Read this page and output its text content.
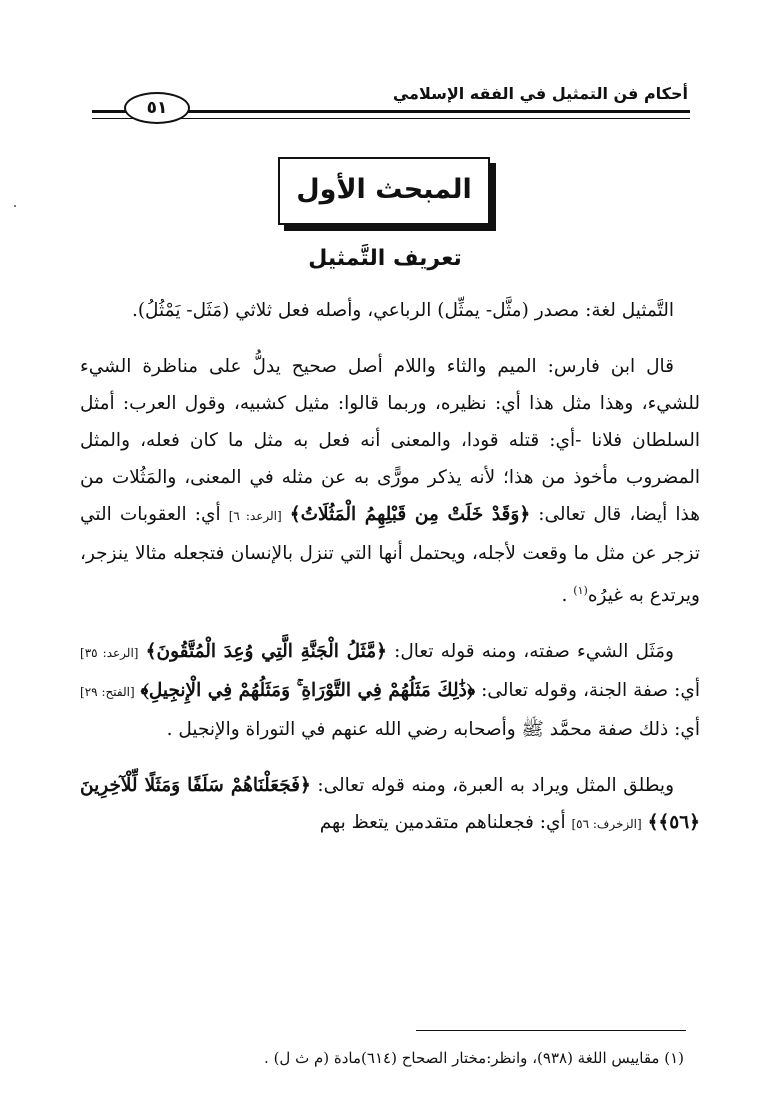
أحكام فن التمثيل في الفقه الإسلامي
٥١
المبحث الأول
تعريف التَّمثيل

التَّمثيل لغة: مصدر (مثَّل- يمثِّل) الرباعي، وأصله فعل ثلاثي (مَثَل- يَمْثُلُ).

قال ابن فارس: الميم والثاء واللام أصل صحيح يدلُّ على مناظرة الشيء للشيء، وهذا مثل هذا أي: نظيره، وربما قالوا: مثيل كشبيه، وقول العرب: أمثل السلطان فلانا -أي: قتله قودا، والمعنى أنه فعل به مثل ما كان فعله، والمثل المضروب مأخوذ من هذا؛ لأنه يذكر مورًّى به عن مثله في المعنى، والمَثُلات من هذا أيضا، قال تعالى: ﴿وَقَدْ خَلَتْ مِن قَبْلِهِمُ الْمَثُلَاتُ﴾ [الرعد: ٦] أي: العقوبات التي تزجر عن مثل ما وقعت لأجله، ويحتمل أنها التي تنزل بالإنسان فتجعله مثالا ينزجر، ويرتدع به غيرُه$^{(١)}$ .

ومَثَل الشيء صفته، ومنه قوله تعال: ﴿مَّثَلُ الْجَنَّةِ الَّتِي وُعِدَ الْمُتَّقُونَ﴾ [الرعد: ٣٥] أي: صفة الجنة، وقوله تعالى: ﴿ذَٰلِكَ مَثَلُهُمْ فِي التَّوْرَاةِ ۚ وَمَثَلُهُمْ فِي الْإِنجِيلِ﴾ [الفتح: ٢٩] أي: ذلك صفة محمَّد ﷺ وأصحابه رضي الله عنهم في التوراة والإنجيل .

ويطلق المثل ويراد به العبرة، ومنه قوله تعالى: ﴿فَجَعَلْنَاهُمْ سَلَفًا وَمَثَلًا لِّلْآخِرِينَ ﴿٥٦﴾﴾ [الزخرف: ٥٦] أي: فجعلناهم متقدمين يتعظ بهم

(١) مقاييس اللغة (٩٣٨)، وانظر:مختار الصحاح (٦١٤)مادة (م ث ل) .
